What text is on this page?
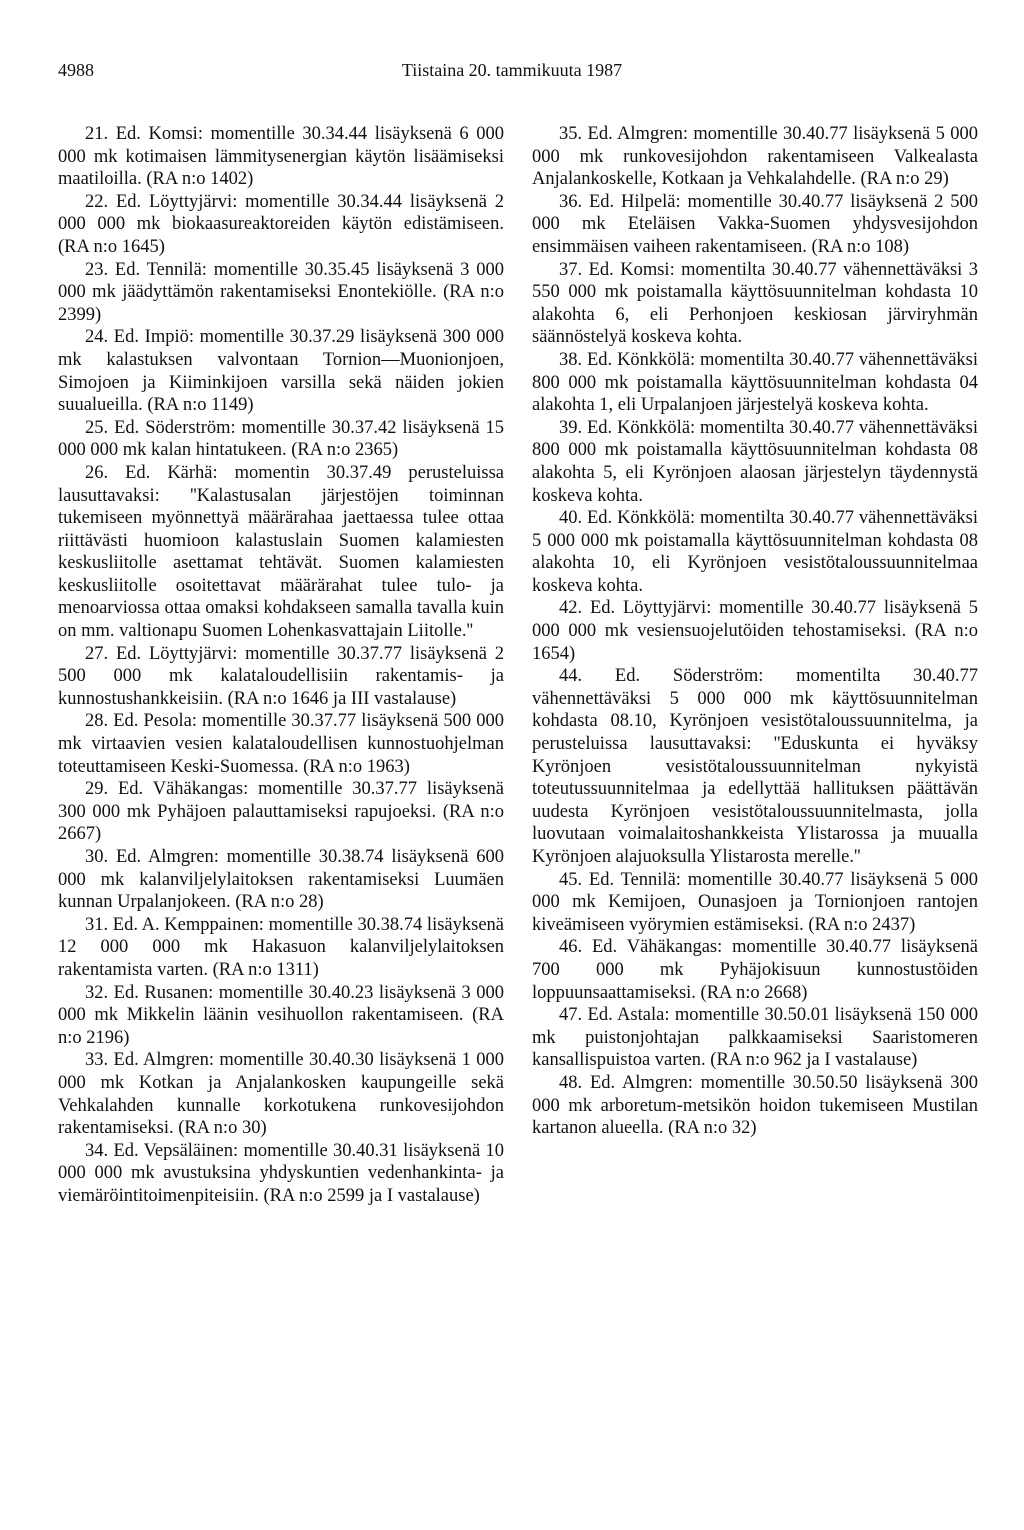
4988	Tiistaina 20. tammikuuta 1987

21. Ed. Komsi: momentille 30.34.44 lisäyksenä 6 000 000 mk kotimaisen lämmitysenergian käytön lisäämiseksi maatiloilla. (RA n:o 1402)

22. Ed. Löyttyjärvi: momentille 30.34.44 lisäyksenä 2 000 000 mk biokaasureaktoreiden käytön edistämiseen. (RA n:o 1645)

23. Ed. Tennilä: momentille 30.35.45 lisäyksenä 3 000 000 mk jäädyttämön rakentamiseksi Enontekiölle. (RA n:o 2399)

24. Ed. Impiö: momentille 30.37.29 lisäyksenä 300 000 mk kalastuksen valvontaan Tornion—Muonionjoen, Simojoen ja Kiiminkijoen varsilla sekä näiden jokien suualueilla. (RA n:o 1149)

25. Ed. Söderström: momentille 30.37.42 lisäyksenä 15 000 000 mk kalan hintatukeen. (RA n:o 2365)

26. Ed. Kärhä: momentin 30.37.49 perusteluissa lausuttavaksi: ''Kalastusalan järjestöjen toiminnan tukemiseen myönnettyä määrärahaa jaettaessa tulee ottaa riittävästi huomioon kalastuslain Suomen kalamiesten keskusliitolle asettamat tehtävät. Suomen kalamiesten keskusliitolle osoitettavat määrärahat tulee tulo- ja menoarviossa ottaa omaksi kohdakseen samalla tavalla kuin on mm. valtionapu Suomen Lohenkasvattajain Liitolle.''

27. Ed. Löyttyjärvi: momentille 30.37.77 lisäyksenä 2 500 000 mk kalataloudellisiin rakentamis- ja kunnostushankkeisiin. (RA n:o 1646 ja III vastalause)

28. Ed. Pesola: momentille 30.37.77 lisäyksenä 500 000 mk virtaavien vesien kalataloudellisen kunnostuohjelman toteuttamiseen Keski-Suomessa. (RA n:o 1963)

29. Ed. Vähäkangas: momentille 30.37.77 lisäyksenä 300 000 mk Pyhäjoen palauttamiseksi rapujoeksi. (RA n:o 2667)

30. Ed. Almgren: momentille 30.38.74 lisäyksenä 600 000 mk kalanviljelylaitoksen rakentamiseksi Luumäen kunnan Urpalanjokeen. (RA n:o 28)

31. Ed. A. Kemppainen: momentille 30.38.74 lisäyksenä 12 000 000 mk Hakasuon kalanviljelylaitoksen rakentamista varten. (RA n:o 1311)

32. Ed. Rusanen: momentille 30.40.23 lisäyksenä 3 000 000 mk Mikkelin läänin vesihuollon rakentamiseen. (RA n:o 2196)

33. Ed. Almgren: momentille 30.40.30 lisäyksenä 1 000 000 mk Kotkan ja Anjalankosken kaupungeille sekä Vehkalahden kunnalle korkotukena runkovesijohdon rakentamiseksi. (RA n:o 30)

34. Ed. Vepsäläinen: momentille 30.40.31 lisäyksenä 10 000 000 mk avustuksina yhdyskuntien vedenhankinta- ja viemäröintitoimenpiteisiin. (RA n:o 2599 ja I vastalause)

35. Ed. Almgren: momentille 30.40.77 lisäyksenä 5 000 000 mk runkovesijohdon rakentamiseen Valkealasta Anjalankoskelle, Kotkaan ja Vehkalahdelle. (RA n:o 29)

36. Ed. Hilpelä: momentille 30.40.77 lisäyksenä 2 500 000 mk Eteläisen Vakka-Suomen yhdysvesijohdon ensimmäisen vaiheen rakentamiseen. (RA n:o 108)

37. Ed. Komsi: momentilta 30.40.77 vähennettäväksi 3 550 000 mk poistamalla käyttösuunnitelman kohdasta 10 alakohta 6, eli Perhonjoen keskiosan järviryhmän säännöstelyä koskeva kohta.

38. Ed. Könkkölä: momentilta 30.40.77 vähennettäväksi 800 000 mk poistamalla käyttösuunnitelman kohdasta 04 alakohta 1, eli Urpalanjoen järjestelyä koskeva kohta.

39. Ed. Könkkölä: momentilta 30.40.77 vähennettäväksi 800 000 mk poistamalla käyttösuunnitelman kohdasta 08 alakohta 5, eli Kyrönjoen alaosan järjestelyn täydennystä koskeva kohta.

40. Ed. Könkkölä: momentilta 30.40.77 vähennettäväksi 5 000 000 mk poistamalla käyttösuunnitelman kohdasta 08 alakohta 10, eli Kyrönjoen vesistötaloussuunnitelmaa koskeva kohta.

42. Ed. Löyttyjärvi: momentille 30.40.77 lisäyksenä 5 000 000 mk vesiensuojelutöiden tehostamiseksi. (RA n:o 1654)

44. Ed. Söderström: momentilta 30.40.77 vähennettäväksi 5 000 000 mk käyttösuunnitelman kohdasta 08.10, Kyrönjoen vesistötaloussuunnitelma, ja perusteluissa lausuttavaksi: ''Eduskunta ei hyväksy Kyrönjoen vesistötaloussuunnitelman nykyistä toteutussuunnitelmaa ja edellyttää hallituksen päättävän uudesta Kyrönjoen vesistötaloussuunnitelmasta, jolla luovutaan voimalaitoshankkeista Ylistarossa ja muualla Kyrönjoen alajuoksulla Ylistarosta merelle.''

45. Ed. Tennilä: momentille 30.40.77 lisäyksenä 5 000 000 mk Kemijoen, Ounasjoen ja Tornionjoen rantojen kiveämiseen vyörymien estämiseksi. (RA n:o 2437)

46. Ed. Vähäkangas: momentille 30.40.77 lisäyksenä 700 000 mk Pyhäjokisuun kunnostustöiden loppuunsaattamiseksi. (RA n:o 2668)

47. Ed. Astala: momentille 30.50.01 lisäyksenä 150 000 mk puistonjohtajan palkkaamiseksi Saaristomeren kansallispuistoa varten. (RA n:o 962 ja I vastalause)

48. Ed. Almgren: momentille 30.50.50 lisäyksenä 300 000 mk arboretum-metsikön hoidon tukemiseen Mustilan kartanon alueella. (RA n:o 32)
